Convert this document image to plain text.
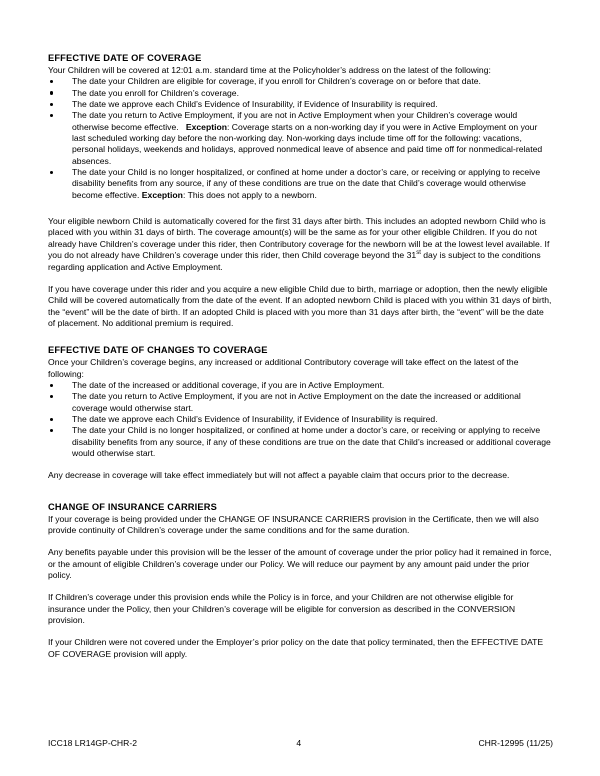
EFFECTIVE DATE OF COVERAGE

Your Children will be covered at 12:01 a.m. standard time at the Policyholder’s address on the latest of the following:

The date your Children are eligible for coverage, if you enroll for Children’s coverage on or before that date.
The date you enroll for Children’s coverage.
The date we approve each Child’s Evidence of Insurability, if Evidence of Insurability is required.
The date you return to Active Employment, if you are not in Active Employment when your Children’s coverage would otherwise become effective. Exception: Coverage starts on a non-working day if you were in Active Employment on your last scheduled working day before the non-working day. Non-working days include time off for the following: vacations, personal holidays, weekends and holidays, approved nonmedical leave of absence and paid time off for nonmedical-related absences.
The date your Child is no longer hospitalized, or confined at home under a doctor’s care, or receiving or applying to receive disability benefits from any source, if any of these conditions are true on the date that Child’s coverage would otherwise become effective. Exception: This does not apply to a newborn.

Your eligible newborn Child is automatically covered for the first 31 days after birth. This includes an adopted newborn Child who is placed with you within 31 days of birth. The coverage amount(s) will be the same as for your other eligible Children. If you do not already have Children’s coverage under this rider, then Contributory coverage for the newborn will be at the lowest level available. If you do not already have Children’s coverage under this rider, then Child coverage beyond the 31st day is subject to the conditions regarding application and Active Employment.

If you have coverage under this rider and you acquire a new eligible Child due to birth, marriage or adoption, then the newly eligible Child will be covered automatically from the date of the event. If an adopted newborn Child is placed with you within 31 days of birth, the “event” will be the date of birth. If an adopted Child is placed with you more than 31 days after birth, the “event” will be the date of placement. No additional premium is required.

EFFECTIVE DATE OF CHANGES TO COVERAGE

Once your Children’s coverage begins, any increased or additional Contributory coverage will take effect on the latest of the following:

The date of the increased or additional coverage, if you are in Active Employment.
The date you return to Active Employment, if you are not in Active Employment on the date the increased or additional coverage would otherwise start.
The date we approve each Child’s Evidence of Insurability, if Evidence of Insurability is required.
The date your Child is no longer hospitalized, or confined at home under a doctor’s care, or receiving or applying to receive disability benefits from any source, if any of these conditions are true on the date that Child’s increased or additional coverage would otherwise start.

Any decrease in coverage will take effect immediately but will not affect a payable claim that occurs prior to the decrease.

CHANGE OF INSURANCE CARRIERS

If your coverage is being provided under the CHANGE OF INSURANCE CARRIERS provision in the Certificate, then we will also provide continuity of Children’s coverage under the same conditions and for the same duration.

Any benefits payable under this provision will be the lesser of the amount of coverage under the prior policy had it remained in force, or the amount of eligible Children’s coverage under our Policy. We will reduce our payment by any amount paid under the prior policy.

If Children’s coverage under this provision ends while the Policy is in force, and your Children are not otherwise eligible for insurance under the Policy, then your Children’s coverage will be eligible for conversion as described in the CONVERSION provision.

If your Children were not covered under the Employer’s prior policy on the date that policy terminated, then the EFFECTIVE DATE OF COVERAGE provision will apply.

ICC18 LR14GP-CHR-2	4	CHR-12995 (11/25)
